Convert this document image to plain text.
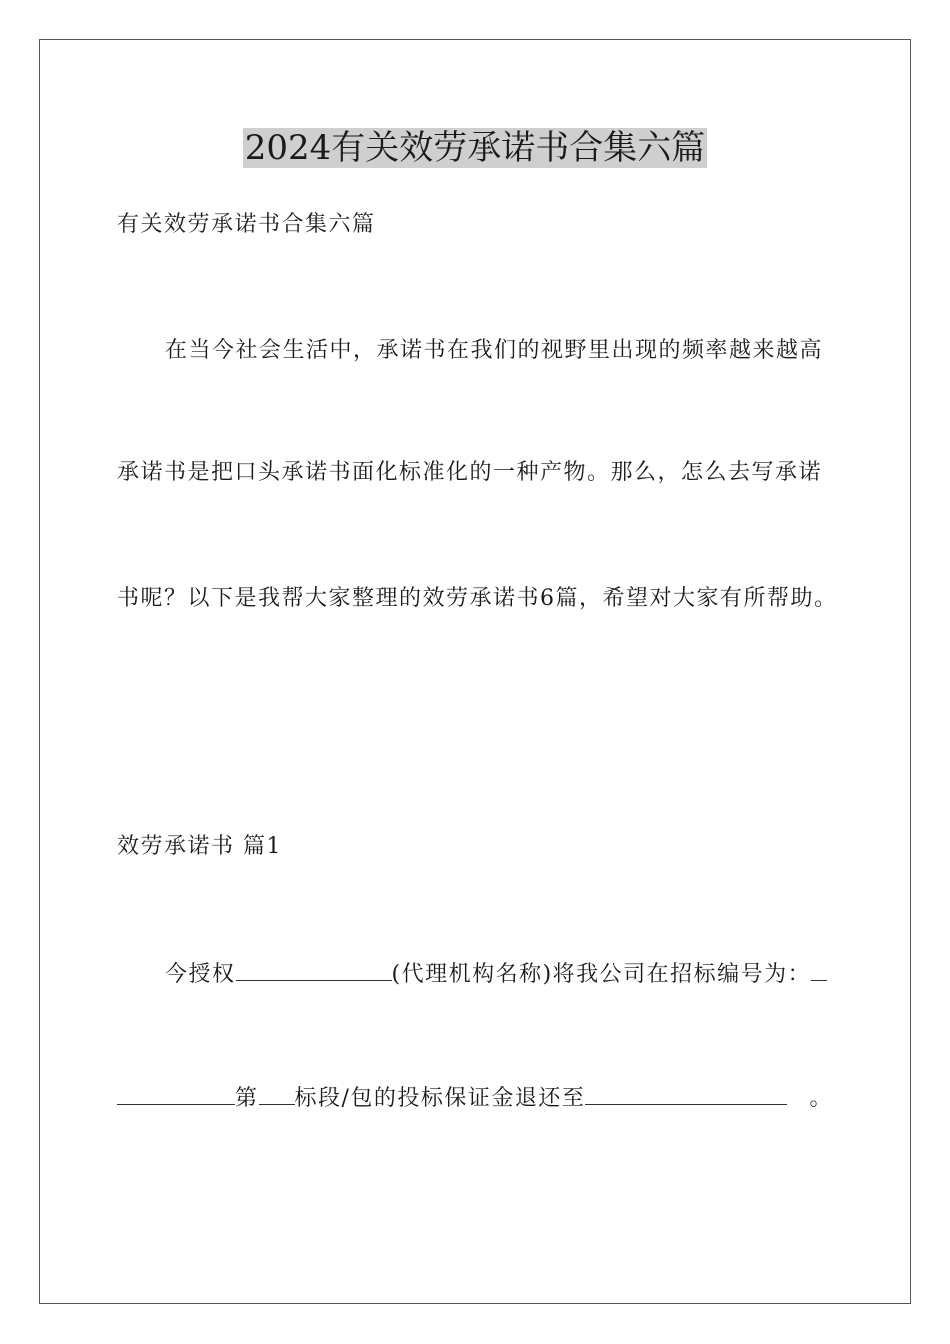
2024有关效劳承诺书合集六篇

有关效劳承诺书合集六篇

在当今社会生活中，承诺书在我们的视野里出现的频率越来越高

承诺书是把口头承诺书面化标准化的一种产物。那么，怎么去写承诺

书呢？以下是我帮大家整理的效劳承诺书6篇，希望对大家有所帮助。

效劳承诺书 篇1

今授权	(代理机构名称)将我公司在招标编号为：

第 标段/包的投标保证金退还至	。
